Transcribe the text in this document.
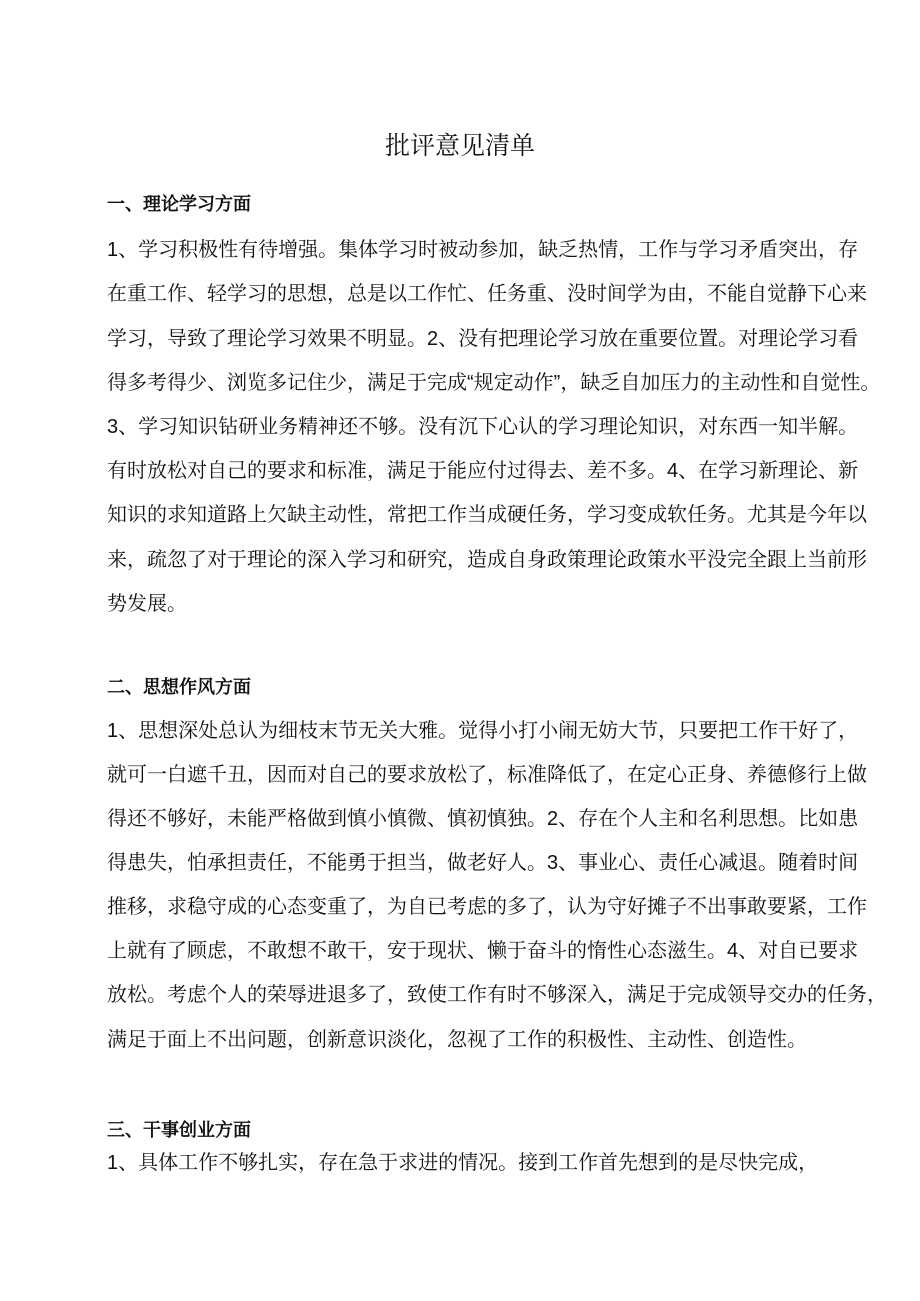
批评意见清单
一、理论学习方面
1、学习积极性有待增强。集体学习时被动参加，缺乏热情，工作与学习矛盾突出，存
在重工作、轻学习的思想，总是以工作忙、任务重、没时间学为由，不能自觉静下心来
学习，导致了理论学习效果不明显。2、没有把理论学习放在重要位置。对理论学习看
得多考得少、浏览多记住少，满足于完成“规定动作”，缺乏自加压力的主动性和自觉性。
3、学习知识钻研业务精神还不够。没有沉下心认的学习理论知识，对东西一知半解。
有时放松对自己的要求和标准，满足于能应付过得去、差不多。4、在学习新理论、新
知识的求知道路上欠缺主动性，常把工作当成硬任务，学习变成软任务。尤其是今年以
来，疏忽了对于理论的深入学习和研究，造成自身政策理论政策水平没完全跟上当前形
势发展。
二、思想作风方面
1、思想深处总认为细枝末节无关大雅。觉得小打小闹无妨大节，只要把工作干好了，
就可一白遮千丑，因而对自己的要求放松了，标准降低了，在定心正身、养德修行上做
得还不够好，未能严格做到慎小慎微、慎初慎独。2、存在个人主和名利思想。比如患
得患失，怕承担责任，不能勇于担当，做老好人。3、事业心、责任心减退。随着时间
推移，求稳守成的心态变重了，为自已考虑的多了，认为守好摊子不出事敢要紧，工作
上就有了顾虑，不敢想不敢干，安于现状、懒于奋斗的惰性心态滋生。4、对自已要求
放松。考虑个人的荣辱进退多了，致使工作有时不够深入，满足于完成领导交办的任务，
满足于面上不出问题，创新意识淡化，忽视了工作的积极性、主动性、创造性。
三、干事创业方面
1、具体工作不够扎实，存在急于求进的情况。接到工作首先想到的是尽快完成，
